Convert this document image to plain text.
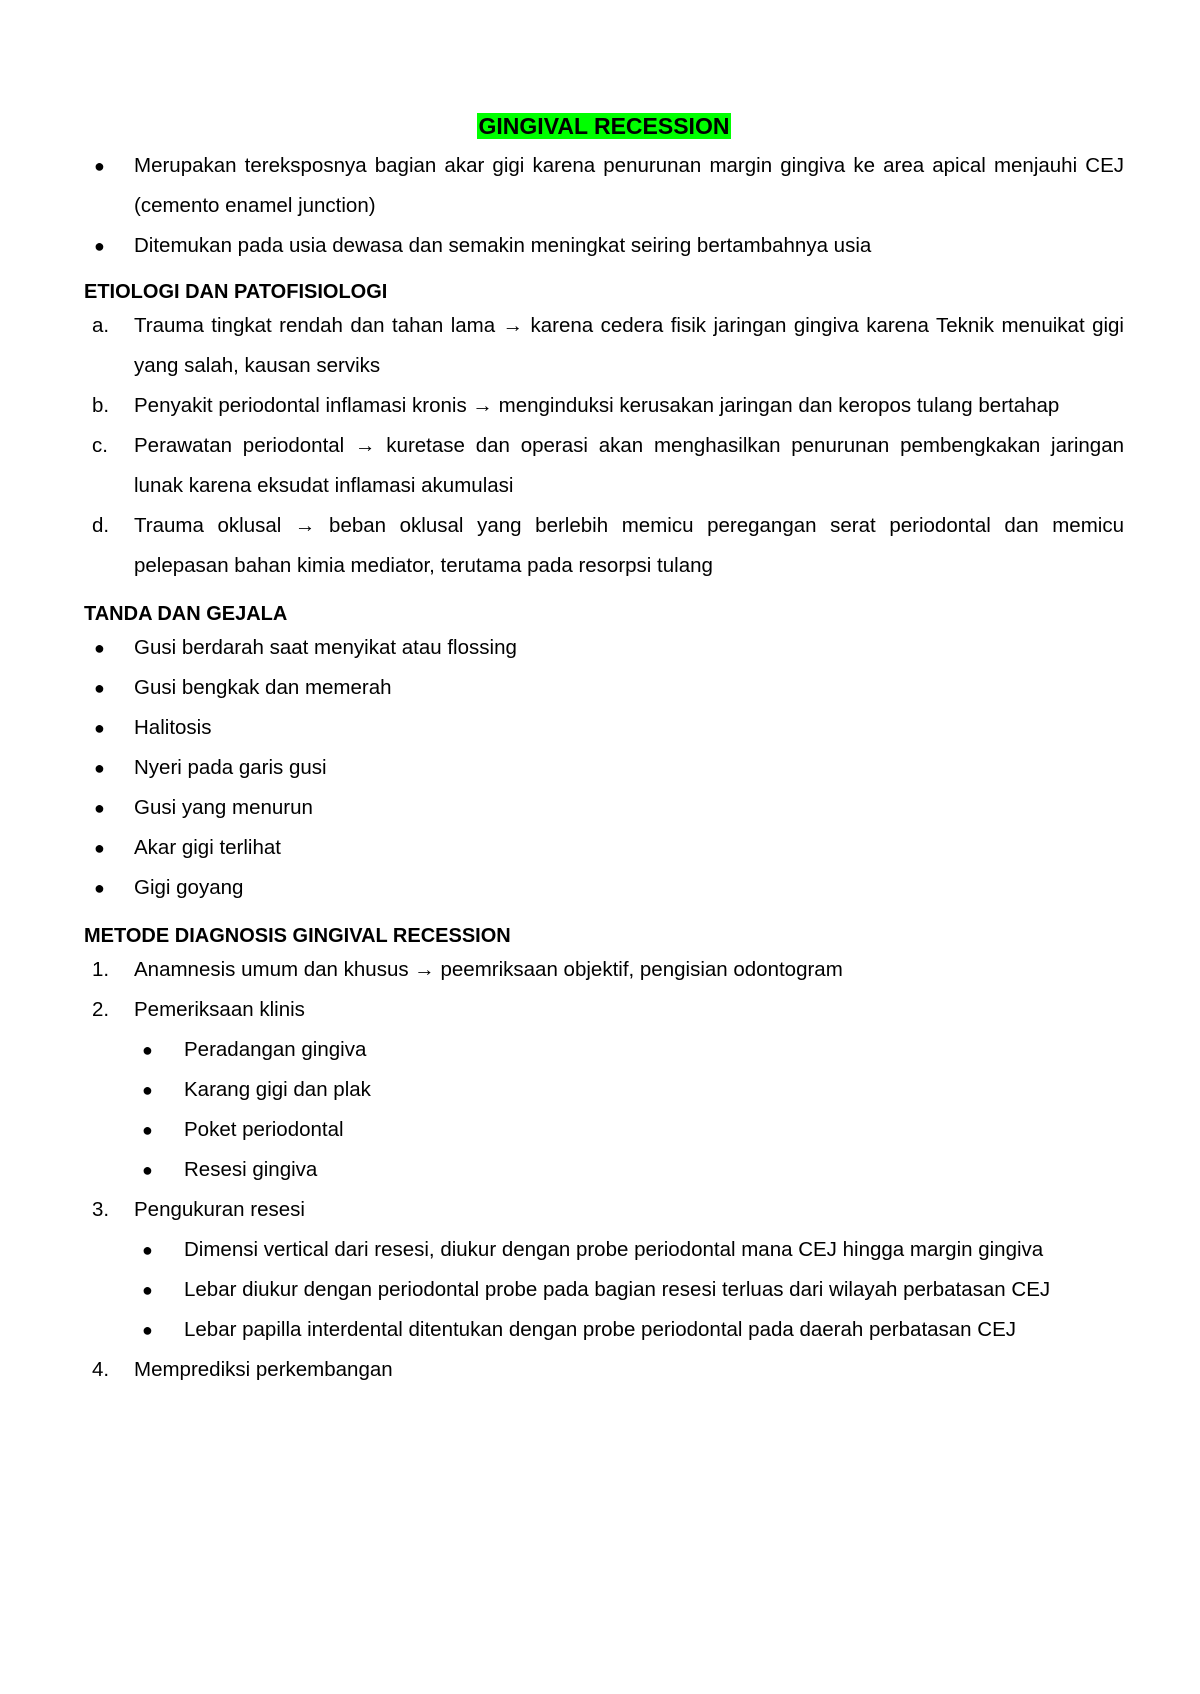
GINGIVAL RECESSION
●	Merupakan tereksposnya bagian akar gigi karena penurunan margin gingiva ke area apical menjauhi CEJ (cemento enamel junction)
●	Ditemukan pada usia dewasa dan semakin meningkat seiring bertambahnya usia
ETIOLOGI DAN PATOFISIOLOGI
a.	Trauma tingkat rendah dan tahan lama → karena cedera fisik jaringan gingiva karena Teknik menuikat gigi yang salah, kausan serviks
b.	Penyakit periodontal inflamasi kronis → menginduksi kerusakan jaringan dan keropos tulang bertahap
c.	Perawatan periodontal → kuretase dan operasi akan menghasilkan penurunan pembengkakan jaringan lunak karena eksudat inflamasi akumulasi
d.	Trauma oklusal → beban oklusal yang berlebih memicu peregangan serat periodontal dan memicu pelepasan bahan kimia mediator, terutama pada resorpsi tulang
TANDA DAN GEJALA
●	Gusi berdarah saat menyikat atau flossing
●	Gusi bengkak dan memerah
●	Halitosis
●	Nyeri pada garis gusi
●	Gusi yang menurun
●	Akar gigi terlihat
●	Gigi goyang
METODE DIAGNOSIS GINGIVAL RECESSION
1.	Anamnesis umum dan khusus → peemriksaan objektif, pengisian odontogram
2.	Pemeriksaan klinis
●	Peradangan gingiva
●	Karang gigi dan plak
●	Poket periodontal
●	Resesi gingiva
3.	Pengukuran resesi
●	Dimensi vertical dari resesi, diukur dengan probe periodontal mana CEJ hingga margin gingiva
●	Lebar diukur dengan periodontal probe pada bagian resesi terluas dari wilayah perbatasan CEJ
●	Lebar papilla interdental ditentukan dengan probe periodontal pada daerah perbatasan CEJ
4.	Memprediksi perkembangan
